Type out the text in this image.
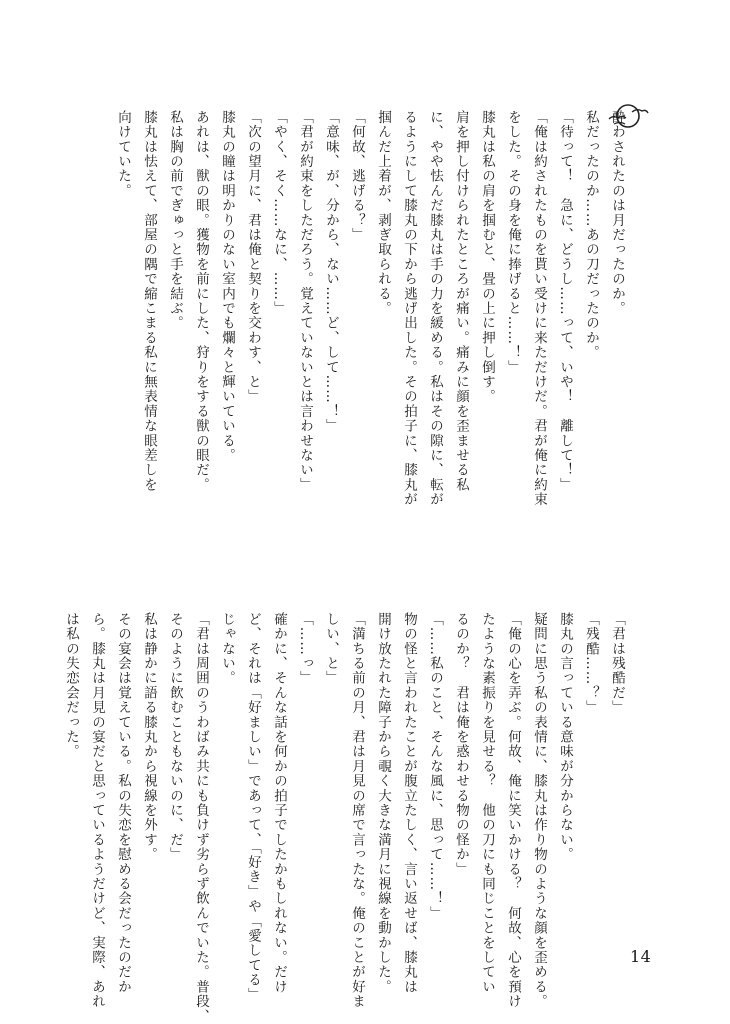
酔わされたのは月だったのか。
私だったのか……あの刀だったのか。
「待って！　急に、どうし……って、いや！　離して！」
「俺は約されたものを貰い受けに来ただけだ。君が俺に約束
をした。その身を俺に捧げると……！」
膝丸は私の肩を掴むと、畳の上に押し倒す。
肩を押し付けられたところが痛い。痛みに顔を歪ませる私
に、やや怯んだ膝丸は手の力を緩める。私はその隙に、転が
るようにして膝丸の下から逃げ出した。その拍子に、膝丸が
掴んだ上着が、剥ぎ取られる。
「何故、逃げる？」
「意味、が、分から、ない……ど、して……！」
「君が約束をしただろう。覚えていないとは言わせない」
「やく、そく……なに、……」
「次の望月に、君は俺と契りを交わす、と」
膝丸の瞳は明かりのない室内でも爛々と輝いている。
あれは、獣の眼。獲物を前にした、狩りをする獣の眼だ。
私は胸の前でぎゅっと手を結ぶ。
膝丸は怯えて、部屋の隅で縮こまる私に無表情な眼差しを
向けていた。
「君は残酷だ」
「残酷……？」
膝丸の言っている意味が分からない。
疑問に思う私の表情に、膝丸は作り物のような顔を歪める。
「俺の心を弄ぶ。何故、俺に笑いかける？　何故、心を預け
たような素振りを見せる？　他の刀にも同じことをしてい
るのか？　君は俺を惑わせる物の怪か」
「……私のこと、そんな風に、思って……！」
物の怪と言われたことが腹立たしく、言い返せば、膝丸は
開け放たれた障子から覗く大きな満月に視線を動かした。
「満ちる前の月、君は月見の席で言ったな。俺のことが好ま
しい、と」
「……っ」
確かに、そんな話を何かの拍子でしたかもしれない。だけ
ど、それは「好ましい」であって、「好き」や「愛してる」
じゃない。
「君は周囲のうわばみ共にも負けず劣らず飲んでいた。普段、
そのように飲むこともないのに、だ」
私は静かに語る膝丸から視線を外す。
その宴会は覚えている。私の失恋を慰める会だったのだか
ら。膝丸は月見の宴だと思っているようだけど、実際、あれ
は私の失恋会だった。
14
